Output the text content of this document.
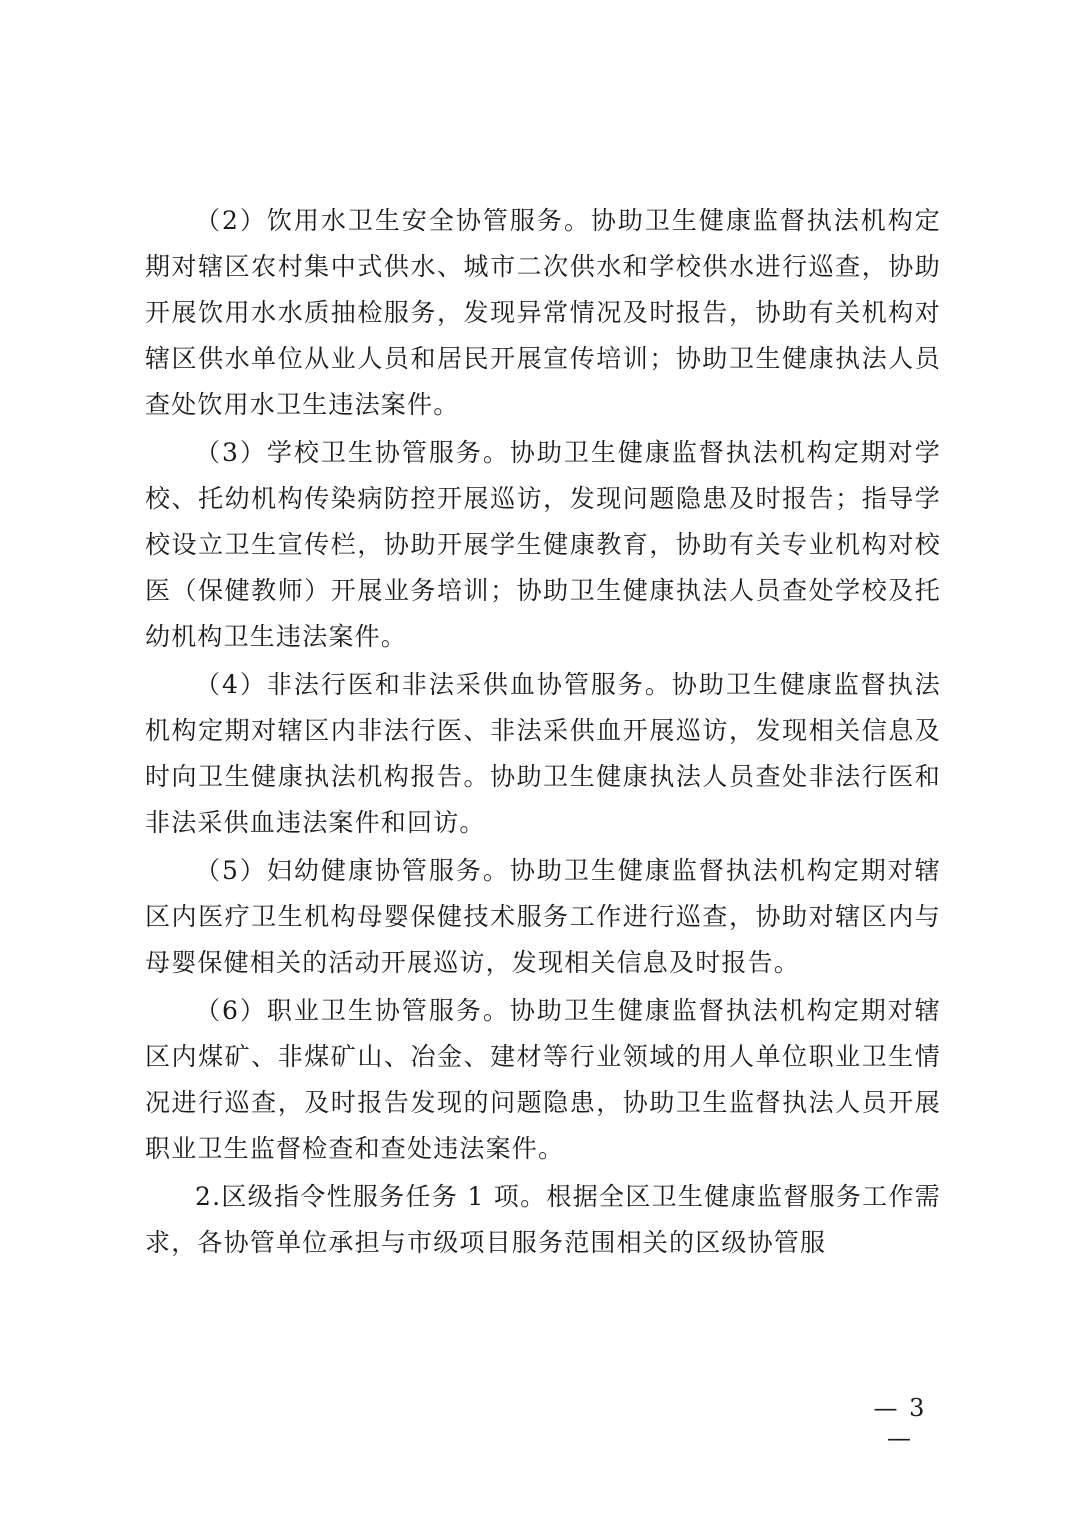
（2）饮用水卫生安全协管服务。协助卫生健康监督执法机构定期对辖区农村集中式供水、城市二次供水和学校供水进行巡查，协助开展饮用水水质抽检服务，发现异常情况及时报告，协助有关机构对辖区供水单位从业人员和居民开展宣传培训；协助卫生健康执法人员查处饮用水卫生违法案件。

（3）学校卫生协管服务。协助卫生健康监督执法机构定期对学校、托幼机构传染病防控开展巡访，发现问题隐患及时报告；指导学校设立卫生宣传栏，协助开展学生健康教育，协助有关专业机构对校医（保健教师）开展业务培训；协助卫生健康执法人员查处学校及托幼机构卫生违法案件。

（4）非法行医和非法采供血协管服务。协助卫生健康监督执法机构定期对辖区内非法行医、非法采供血开展巡访，发现相关信息及时向卫生健康执法机构报告。协助卫生健康执法人员查处非法行医和非法采供血违法案件和回访。

（5）妇幼健康协管服务。协助卫生健康监督执法机构定期对辖区内医疗卫生机构母婴保健技术服务工作进行巡查，协助对辖区内与母婴保健相关的活动开展巡访，发现相关信息及时报告。

（6）职业卫生协管服务。协助卫生健康监督执法机构定期对辖区内煤矿、非煤矿山、冶金、建材等行业领域的用人单位职业卫生情况进行巡查，及时报告发现的问题隐患，协助卫生监督执法人员开展职业卫生监督检查和查处违法案件。

2.区级指令性服务任务 1 项。根据全区卫生健康监督服务工作需求，各协管单位承担与市级项目服务范围相关的区级协管服

— 3 —
